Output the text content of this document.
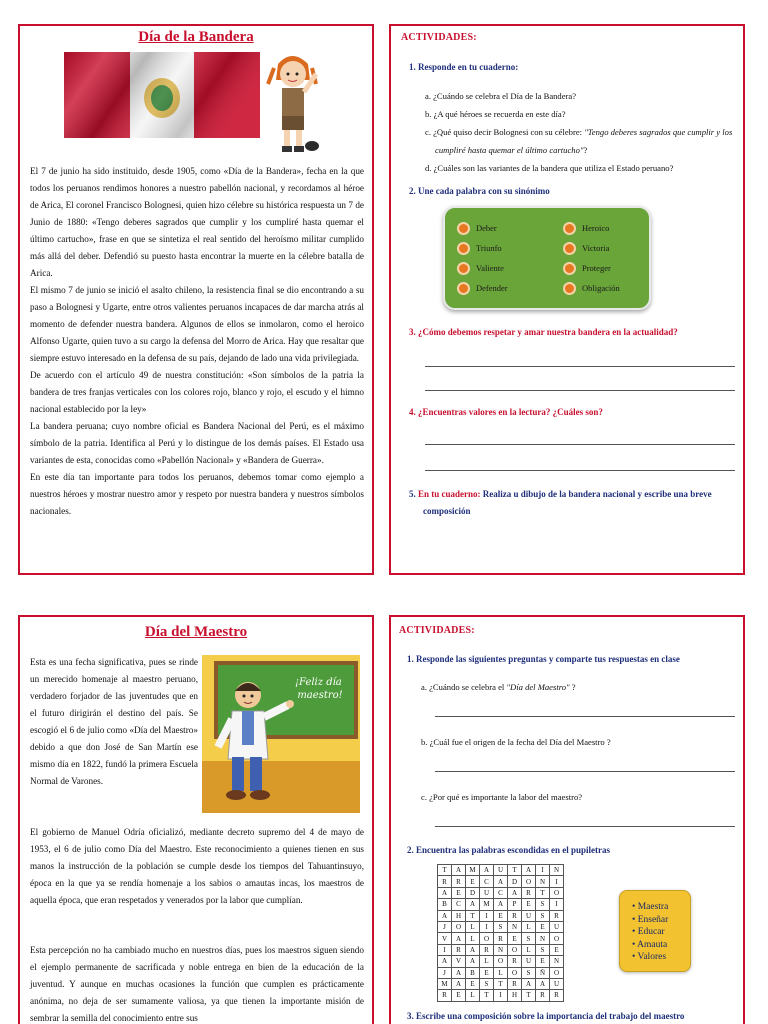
Día de la Bandera

El 7 de junio ha sido instituido, desde 1905, como «Día de la Bandera», fecha en la que todos los peruanos rendimos honores a nuestro pabellón nacional, y recordamos al héroe de Arica, El coronel Francisco Bolognesi, quien hizo célebre su histórica respuesta un 7 de Junio de 1880: «Tengo deberes sagrados que cumplir y los cumpliré hasta quemar el último cartucho», frase en que se sintetiza el real sentido del heroísmo militar cumplido más allá del deber. Defendió su puesto hasta encontrar la muerte en la célebre batalla de Arica.

El mismo 7 de junio se inició el asalto chileno, la resistencia final se dio encontrando a su paso a Bolognesi y Ugarte, entre otros valientes peruanos incapaces de dar marcha atrás al momento de defender nuestra bandera. Algunos de ellos se inmolaron, como el heroico Alfonso Ugarte, quien tuvo a su cargo la defensa del Morro de Arica. Hay que resaltar que siempre estuvo interesado en la defensa de su país, dejando de lado una vida privilegiada.

De acuerdo con el artículo 49 de nuestra constitución: «Son símbolos de la patria la bandera de tres franjas verticales con los colores rojo, blanco y rojo, el escudo y el himno nacional establecido por la ley»

La bandera peruana; cuyo nombre oficial es Bandera Nacional del Perú, es el máximo símbolo de la patria. Identifica al Perú y lo distingue de los demás países. El Estado usa variantes de esta, conocidas como «Pabellón Nacional» y «Bandera de Guerra».

En este día tan importante para todos los peruanos, debemos tomar como ejemplo a nuestros héroes y mostrar nuestro amor y respeto por nuestra bandera y nuestros símbolos nacionales.

ACTIVIDADES:
1. Responde en tu cuaderno:
a. ¿Cuándo se celebra el Día de la Bandera?
b. ¿A qué héroes se recuerda en este día?
c. ¿Qué quiso decir Bolognesi con su célebre: "Tengo deberes sagrados que cumplir y los cumpliré hasta quemar el último cartucho"?
d. ¿Cuáles son las variantes de la bandera que utiliza el Estado peruano?
2. Une cada palabra con su sinónimo
Deber
Triunfo
Valiente
Defender
Heroico
Victoria
Proteger
Obligación
3. ¿Cómo debemos respetar y amar nuestra bandera en la actualidad?
4. ¿Encuentras valores en la lectura? ¿Cuáles son?
5. En tu cuaderno: Realiza u dibujo de la bandera nacional y escribe una breve composición
Día del Maestro
Esta es una fecha significativa, pues se rinde un merecido homenaje al maestro peruano, verdadero forjador de las juventudes que en el futuro dirigirán el destino del país. Se escogió el 6 de julio como «Día del Maestro» debido a que don José de San Martín ese mismo día en 1822, fundó la primera Escuela Normal de Varones.
¡Feliz día maestro!
El gobierno de Manuel Odría oficializó, mediante decreto supremo del 4 de mayo de 1953, el 6 de julio como Día del Maestro. Este reconocimiento a quienes tienen en sus manos la instrucción de la población se cumple desde los tiempos del Tahuantinsuyo, época en la que ya se rendía homenaje a los sabios o amautas incas, los maestros de aquella época, que eran respetados y venerados por la labor que cumplían.
Esta percepción no ha cambiado mucho en nuestros días, pues los maestros siguen siendo el ejemplo permanente de sacrificada y noble entrega en bien de la educación de la juventud. Y aunque en muchas ocasiones la función que cumplen es prácticamente anónima, no deja de ser sumamente valiosa, ya que tienen la importante misión de sembrar la semilla del conocimiento entre sus
ACTIVIDADES:
1. Responde las siguientes preguntas y comparte tus respuestas en clase
a. ¿Cuándo se celebra el "Día del Maestro" ?
b. ¿Cuál fue el origen de la fecha del Día del Maestro ?
c. ¿Por qué es importante la labor del maestro?
2. Encuentra las palabras escondidas en el pupiletras
T	A	M	A	U	T	A	I	N
R	R	E	C	A	D	O	N	I
A	E	D	U	C	A	R	T	O
B	C	A	M	A	P	E	S	I
A	H	T	I	E	R	U	S	R
J	O	L	I	S	N	L	E	U
V	A	L	O	R	E	S	N	O
I	R	A	R	N	O	L	S	E
A	V	A	L	O	R	U	E	N
J	A	B	E	L	O	S	Ñ	O
M	A	E	S	T	R	A	A	U
R	E	L	T	I	H	T	R	R
• Maestra
• Enseñar
• Educar
• Amauta
• Valores
3. Escribe una composición sobre la importancia del trabajo del maestro
